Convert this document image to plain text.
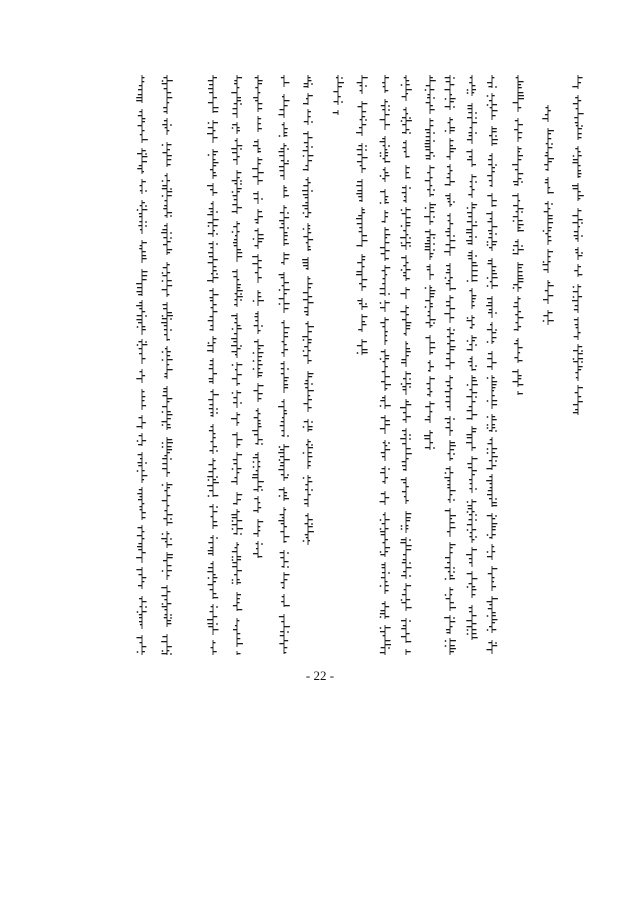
- 22 -
